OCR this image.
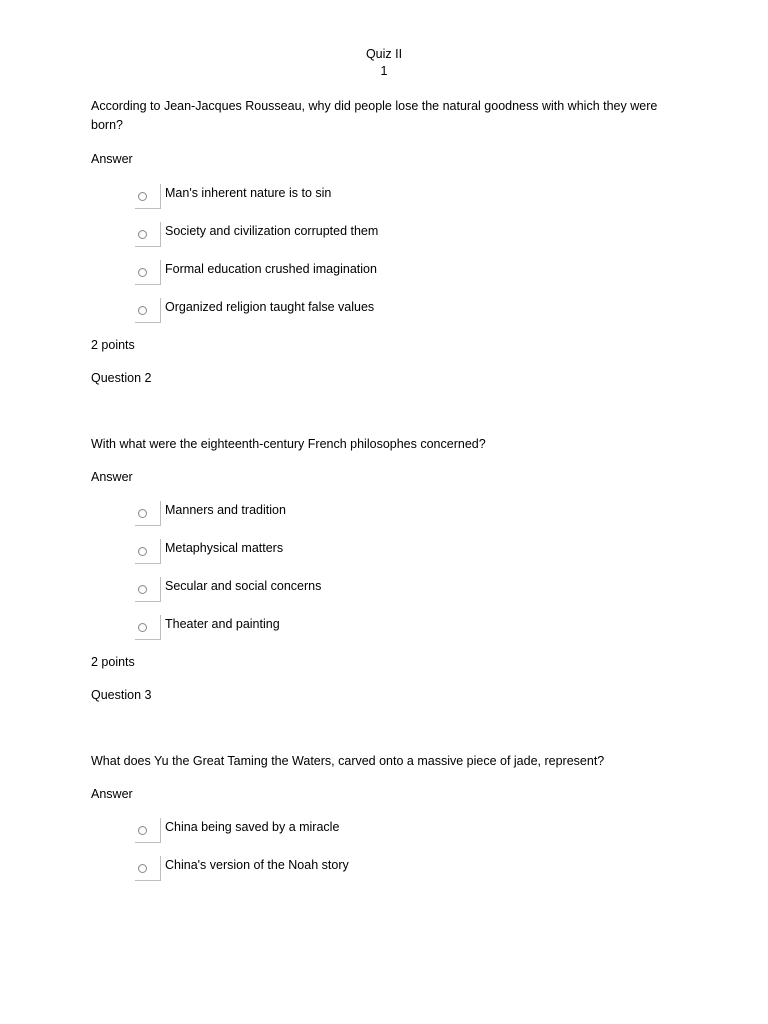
Quiz II
1
According to Jean-Jacques Rousseau, why did people lose the natural goodness with which they were born?
Answer
Man's inherent nature is to sin
Society and civilization corrupted them
Formal education crushed imagination
Organized religion taught false values
2 points
Question 2
With what were the eighteenth-century French philosophes concerned?
Answer
Manners and tradition
Metaphysical matters
Secular and social concerns
Theater and painting
2 points
Question 3
What does Yu the Great Taming the Waters, carved onto a massive piece of jade, represent?
Answer
China being saved by a miracle
China's version of the Noah story
